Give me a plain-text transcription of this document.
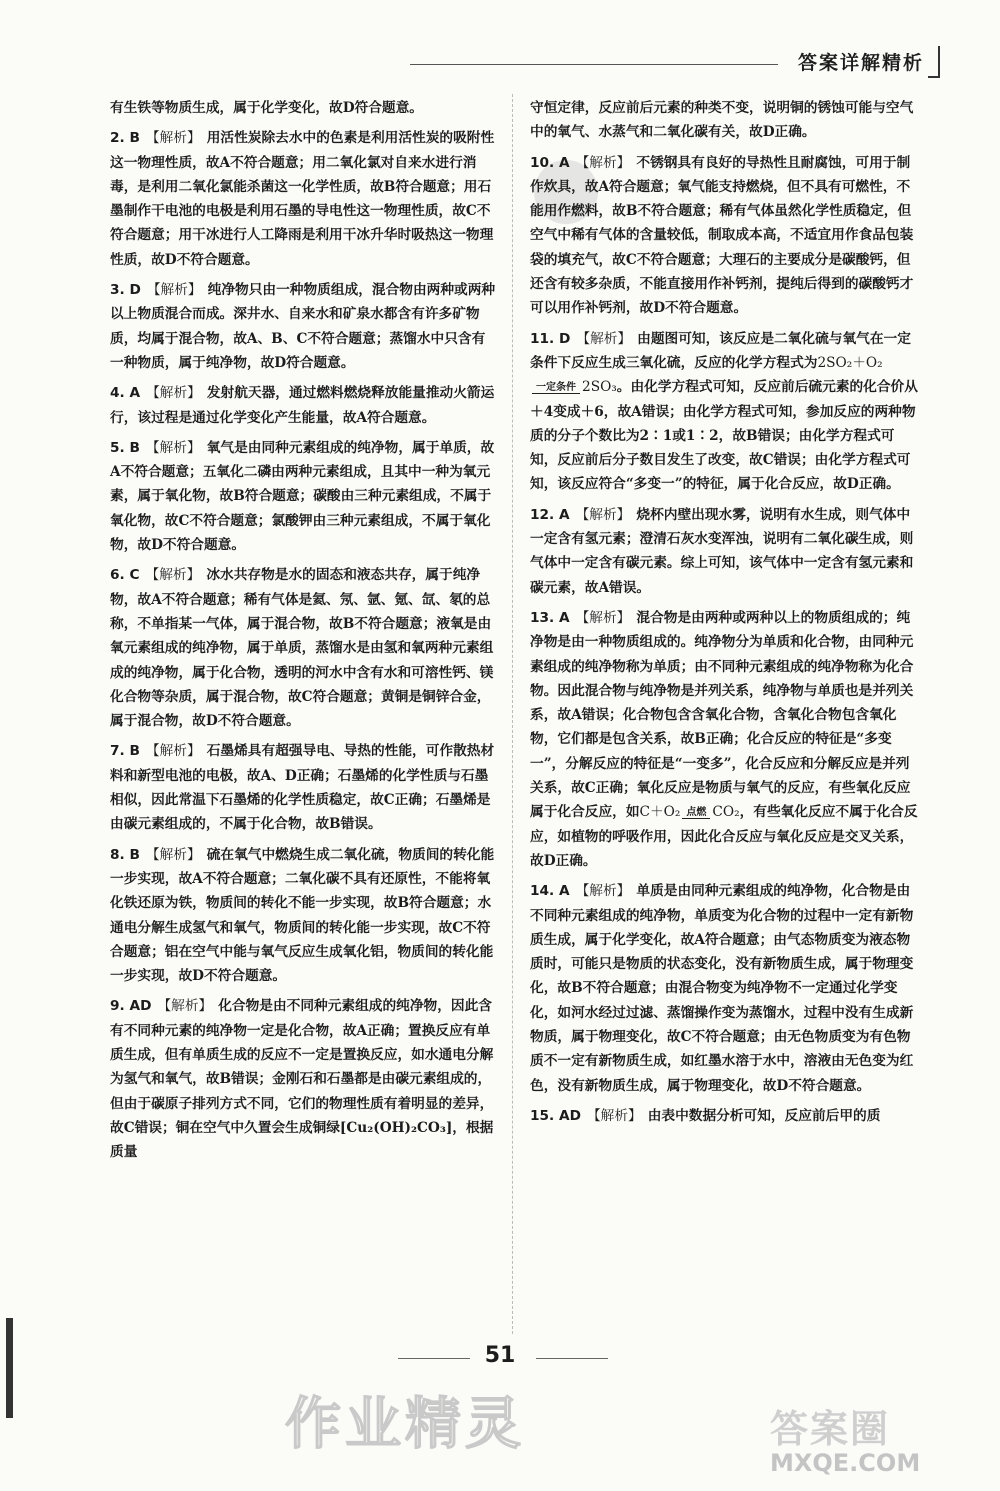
答案详解精析

有生铁等物质生成，属于化学变化，故D符合题意。

2. B 【解析】 用活性炭除去水中的色素是利用活性炭的吸附性这一物理性质，故A不符合题意；用二氧化氯对自来水进行消毒，是利用二氧化氯能杀菌这一化学性质，故B符合题意；用石墨制作干电池的电极是利用石墨的导电性这一物理性质，故C不符合题意；用干冰进行人工降雨是利用干冰升华时吸热这一物理性质，故D不符合题意。

3. D 【解析】 纯净物只由一种物质组成，混合物由两种或两种以上物质混合而成。深井水、自来水和矿泉水都含有许多矿物质，均属于混合物，故A、B、C不符合题意；蒸馏水中只含有一种物质，属于纯净物，故D符合题意。

4. A 【解析】 发射航天器，通过燃料燃烧释放能量推动火箭运行，该过程是通过化学变化产生能量，故A符合题意。

5. B 【解析】 氧气是由同种元素组成的纯净物，属于单质，故A不符合题意；五氧化二磷由两种元素组成，且其中一种为氧元素，属于氧化物，故B符合题意；碳酸由三种元素组成，不属于氧化物，故C不符合题意；氯酸钾由三种元素组成，不属于氧化物，故D不符合题意。

6. C 【解析】 冰水共存物是水的固态和液态共存，属于纯净物，故A不符合题意；稀有气体是氦、氖、氩、氪、氙、氡的总称，不单指某一气体，属于混合物，故B不符合题意；液氧是由氧元素组成的纯净物，属于单质，蒸馏水是由氢和氧两种元素组成的纯净物，属于化合物，透明的河水中含有水和可溶性钙、镁化合物等杂质，属于混合物，故C符合题意；黄铜是铜锌合金，属于混合物，故D不符合题意。

7. B 【解析】 石墨烯具有超强导电、导热的性能，可作散热材料和新型电池的电极，故A、D正确；石墨烯的化学性质与石墨相似，因此常温下石墨烯的化学性质稳定，故C正确；石墨烯是由碳元素组成的，不属于化合物，故B错误。

8. B 【解析】 硫在氧气中燃烧生成二氧化硫，物质间的转化能一步实现，故A不符合题意；二氧化碳不具有还原性，不能将氧化铁还原为铁，物质间的转化不能一步实现，故B符合题意；水通电分解生成氢气和氧气，物质间的转化能一步实现，故C不符合题意；铝在空气中能与氧气反应生成氧化铝，物质间的转化能一步实现，故D不符合题意。

9. AD 【解析】 化合物是由不同种元素组成的纯净物，因此含有不同种元素的纯净物一定是化合物，故A正确；置换反应有单质生成，但有单质生成的反应不一定是置换反应，如水通电分解为氢气和氧气，故B错误；金刚石和石墨都是由碳元素组成的，但由于碳原子排列方式不同，它们的物理性质有着明显的差异，故C错误；铜在空气中久置会生成铜绿[Cu₂(OH)₂CO₃]，根据质量

守恒定律，反应前后元素的种类不变，说明铜的锈蚀可能与空气中的氧气、水蒸气和二氧化碳有关，故D正确。

10. A 【解析】 不锈钢具有良好的导热性且耐腐蚀，可用于制作炊具，故A符合题意；氧气能支持燃烧，但不具有可燃性，不能用作燃料，故B不符合题意；稀有气体虽然化学性质稳定，但空气中稀有气体的含量较低，制取成本高，不适宜用作食品包装袋的填充气，故C不符合题意；大理石的主要成分是碳酸钙，但还含有较多杂质，不能直接用作补钙剂，提纯后得到的碳酸钙才可以用作补钙剂，故D不符合题意。

11. D 【解析】 由题图可知，该反应是二氧化硫与氧气在一定条件下反应生成三氧化硫，反应的化学方程式为2SO₂＋O₂
一定条件 2SO₃。由化学方程式可知，反应前后硫元素的化合价从＋4变成＋6，故A错误；由化学方程式可知，参加反应的两种物质的分子个数比为2∶1或1∶2，故B错误；由化学方程式可知，反应前后分子数目发生了改变，故C错误；由化学方程式可知，该反应符合“多变一”的特征，属于化合反应，故D正确。

12. A 【解析】 烧杯内壁出现水雾，说明有水生成，则气体中一定含有氢元素；澄清石灰水变浑浊，说明有二氧化碳生成，则气体中一定含有碳元素。综上可知，该气体中一定含有氢元素和碳元素，故A错误。

13. A 【解析】 混合物是由两种或两种以上的物质组成的；纯净物是由一种物质组成的。纯净物分为单质和化合物，由同种元素组成的纯净物称为单质；由不同种元素组成的纯净物称为化合物。因此混合物与纯净物是并列关系，纯净物与单质也是并列关系，故A错误；化合物包含含氧化合物，含氧化合物包含氧化物，它们都是包含关系，故B正确；化合反应的特征是“多变一”，分解反应的特征是“一变多”，化合反应和分解反应是并列关系，故C正确；氧化反应是物质与氧气的反应，有些氧化反应属于化合反应，如C＋O₂ 点燃 CO₂，有些氧化反应不属于化合反应，如植物的呼吸作用，因此化合反应与氧化反应是交叉关系，故D正确。

14. A 【解析】 单质是由同种元素组成的纯净物，化合物是由不同种元素组成的纯净物，单质变为化合物的过程中一定有新物质生成，属于化学变化，故A符合题意；由气态物质变为液态物质时，可能只是物质的状态变化，没有新物质生成，属于物理变化，故B不符合题意；由混合物变为纯净物不一定通过化学变化，如河水经过过滤、蒸馏操作变为蒸馏水，过程中没有生成新物质，属于物理变化，故C不符合题意；由无色物质变为有色物质不一定有新物质生成，如红墨水溶于水中，溶液由无色变为红色，没有新物质生成，属于物理变化，故D不符合题意。

15. AD 【解析】 由表中数据分析可知，反应前后甲的质

51
作业精灵	答案圈
MXQE.COM
